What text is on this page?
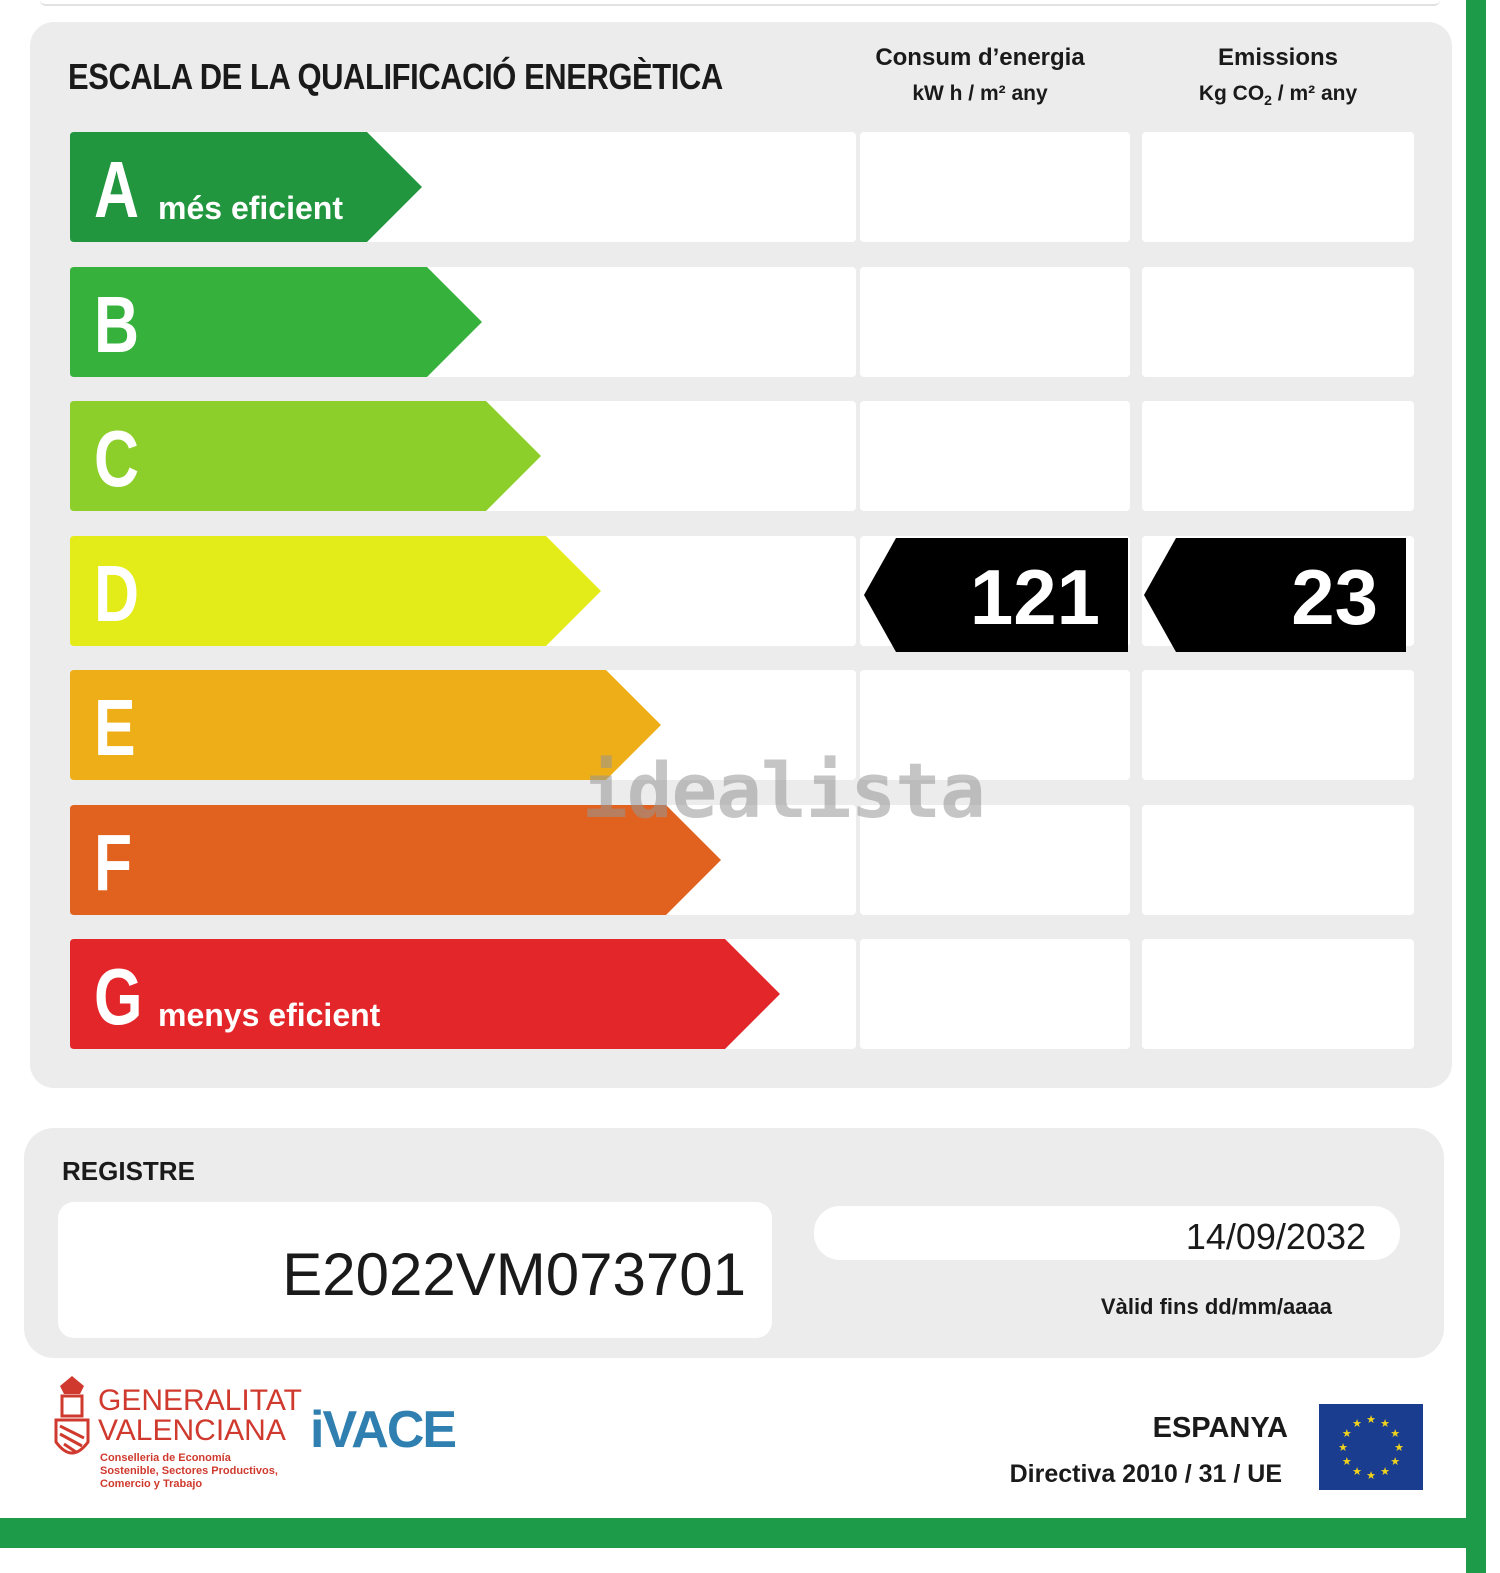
ESCALA DE LA QUALIFICACIÓ ENERGÈTICA	Consum d’energia
kW h / m² any
Emissions
Kg $CO_2 / m^2$ any
A més eficient
B
C
D	121	23
E
F
G menys eficient
idealista
REGISTRE
E2022VM073701
14/09/2032
Vàlid fins dd/mm/aaaa
GENERALITAT
VALENCIANA
Conselleria de Economía
Sostenible, Sectores Productivos,
Comercio y Trabajo
iVACE	ESPANYA
Directiva 2010 / 31 / UE
★ ★
★
★
★
★
★
★
★
★
★
★
